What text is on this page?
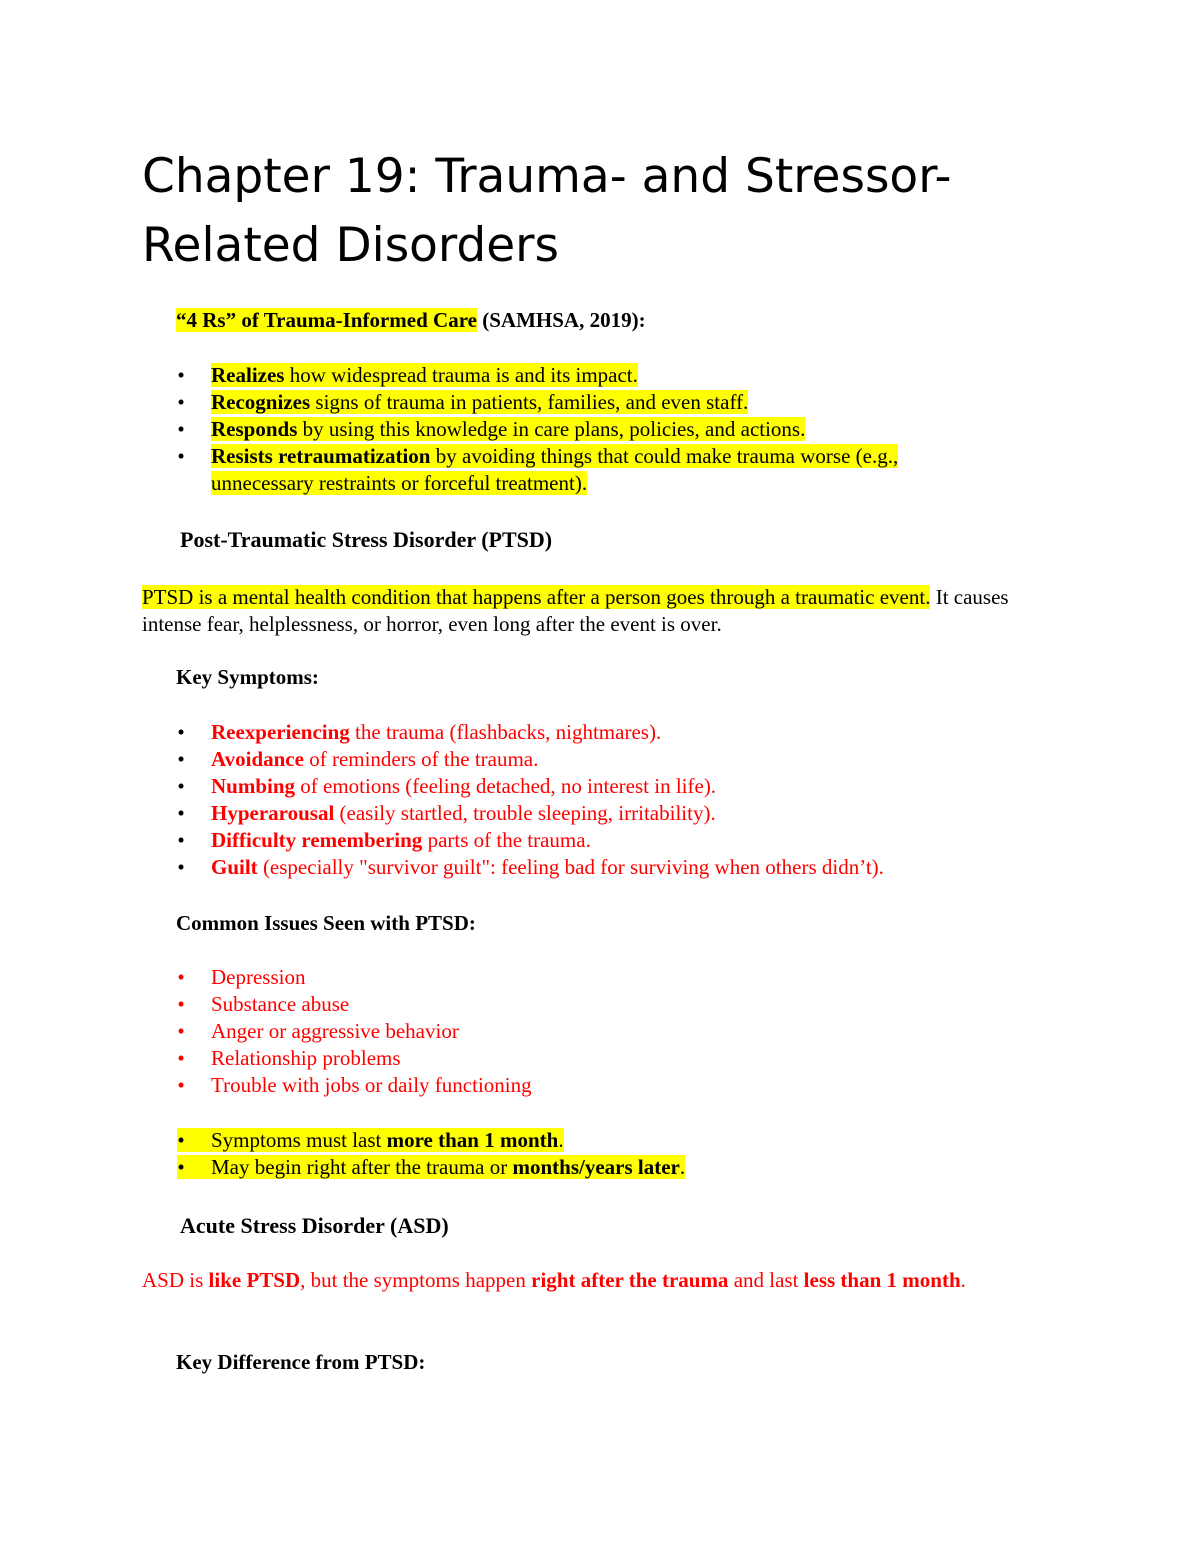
Chapter 19: Trauma- and Stressor-Related Disorders
“4 Rs” of Trauma-Informed Care (SAMHSA, 2019):
• Realizes how widespread trauma is and its impact.
• Recognizes signs of trauma in patients, families, and even staff.
• Responds by using this knowledge in care plans, policies, and actions.
• Resists retraumatization by avoiding things that could make trauma worse (e.g., unnecessary restraints or forceful treatment).
Post-Traumatic Stress Disorder (PTSD)
PTSD is a mental health condition that happens after a person goes through a traumatic event. It causes intense fear, helplessness, or horror, even long after the event is over.
Key Symptoms:
• Reexperiencing the trauma (flashbacks, nightmares).
• Avoidance of reminders of the trauma.
• Numbing of emotions (feeling detached, no interest in life).
• Hyperarousal (easily startled, trouble sleeping, irritability).
• Difficulty remembering parts of the trauma.
• Guilt (especially "survivor guilt": feeling bad for surviving when others didn’t).
Common Issues Seen with PTSD:
• Depression
• Substance abuse
• Anger or aggressive behavior
• Relationship problems
• Trouble with jobs or daily functioning
• Symptoms must last more than 1 month.
• May begin right after the trauma or months/years later.
Acute Stress Disorder (ASD)
ASD is like PTSD, but the symptoms happen right after the trauma and last less than 1 month.
Key Difference from PTSD:
